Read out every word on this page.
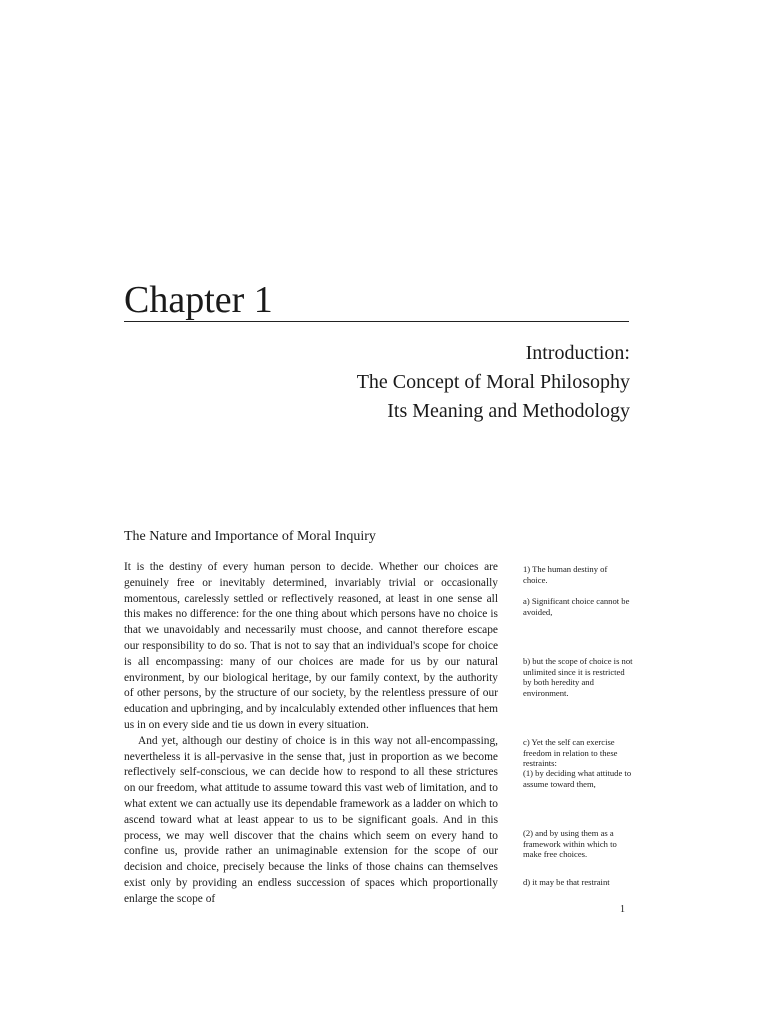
Chapter 1
Introduction:
The Concept of Moral Philosophy
Its Meaning and Methodology
The Nature and Importance of Moral Inquiry

It is the destiny of every human person to decide. Whether our choices are genuinely free or inevitably determined, invariably trivial or occasionally momentous, carelessly settled or reflectively reasoned, at least in one sense all this makes no difference: for the one thing about which persons have no choice is that we unavoidably and necessarily must choose, and cannot therefore escape our responsibility to do so. That is not to say that an individual's scope for choice is all encompassing: many of our choices are made for us by our natural environment, by our biological heritage, by our family context, by the authority of other persons, by the structure of our society, by the relentless pressure of our education and upbringing, and by incalculably extended other influences that hem us in on every side and tie us down in every situation.

And yet, although our destiny of choice is in this way not all-encompassing, nevertheless it is all-pervasive in the sense that, just in proportion as we become reflectively self-conscious, we can decide how to respond to all these strictures on our freedom, what attitude to assume toward this vast web of limitation, and to what extent we can actually use its dependable framework as a ladder on which to ascend toward what at least appear to us to be significant goals. And in this process, we may well discover that the chains which seem on every hand to confine us, provide rather an unimaginable extension for the scope of our decision and choice, precisely because the links of those chains can themselves exist only by providing an endless succession of spaces which proportionally enlarge the scope of

1) The human destiny of choice.
a) Significant choice cannot be avoided,
b) but the scope of choice is not unlimited since it is restricted by both heredity and environment.
c) Yet the self can exercise freedom in relation to these restraints:
(1) by deciding what attitude to assume toward them,
(2) and by using them as a framework within which to make free choices.
d) it may be that restraint
1
